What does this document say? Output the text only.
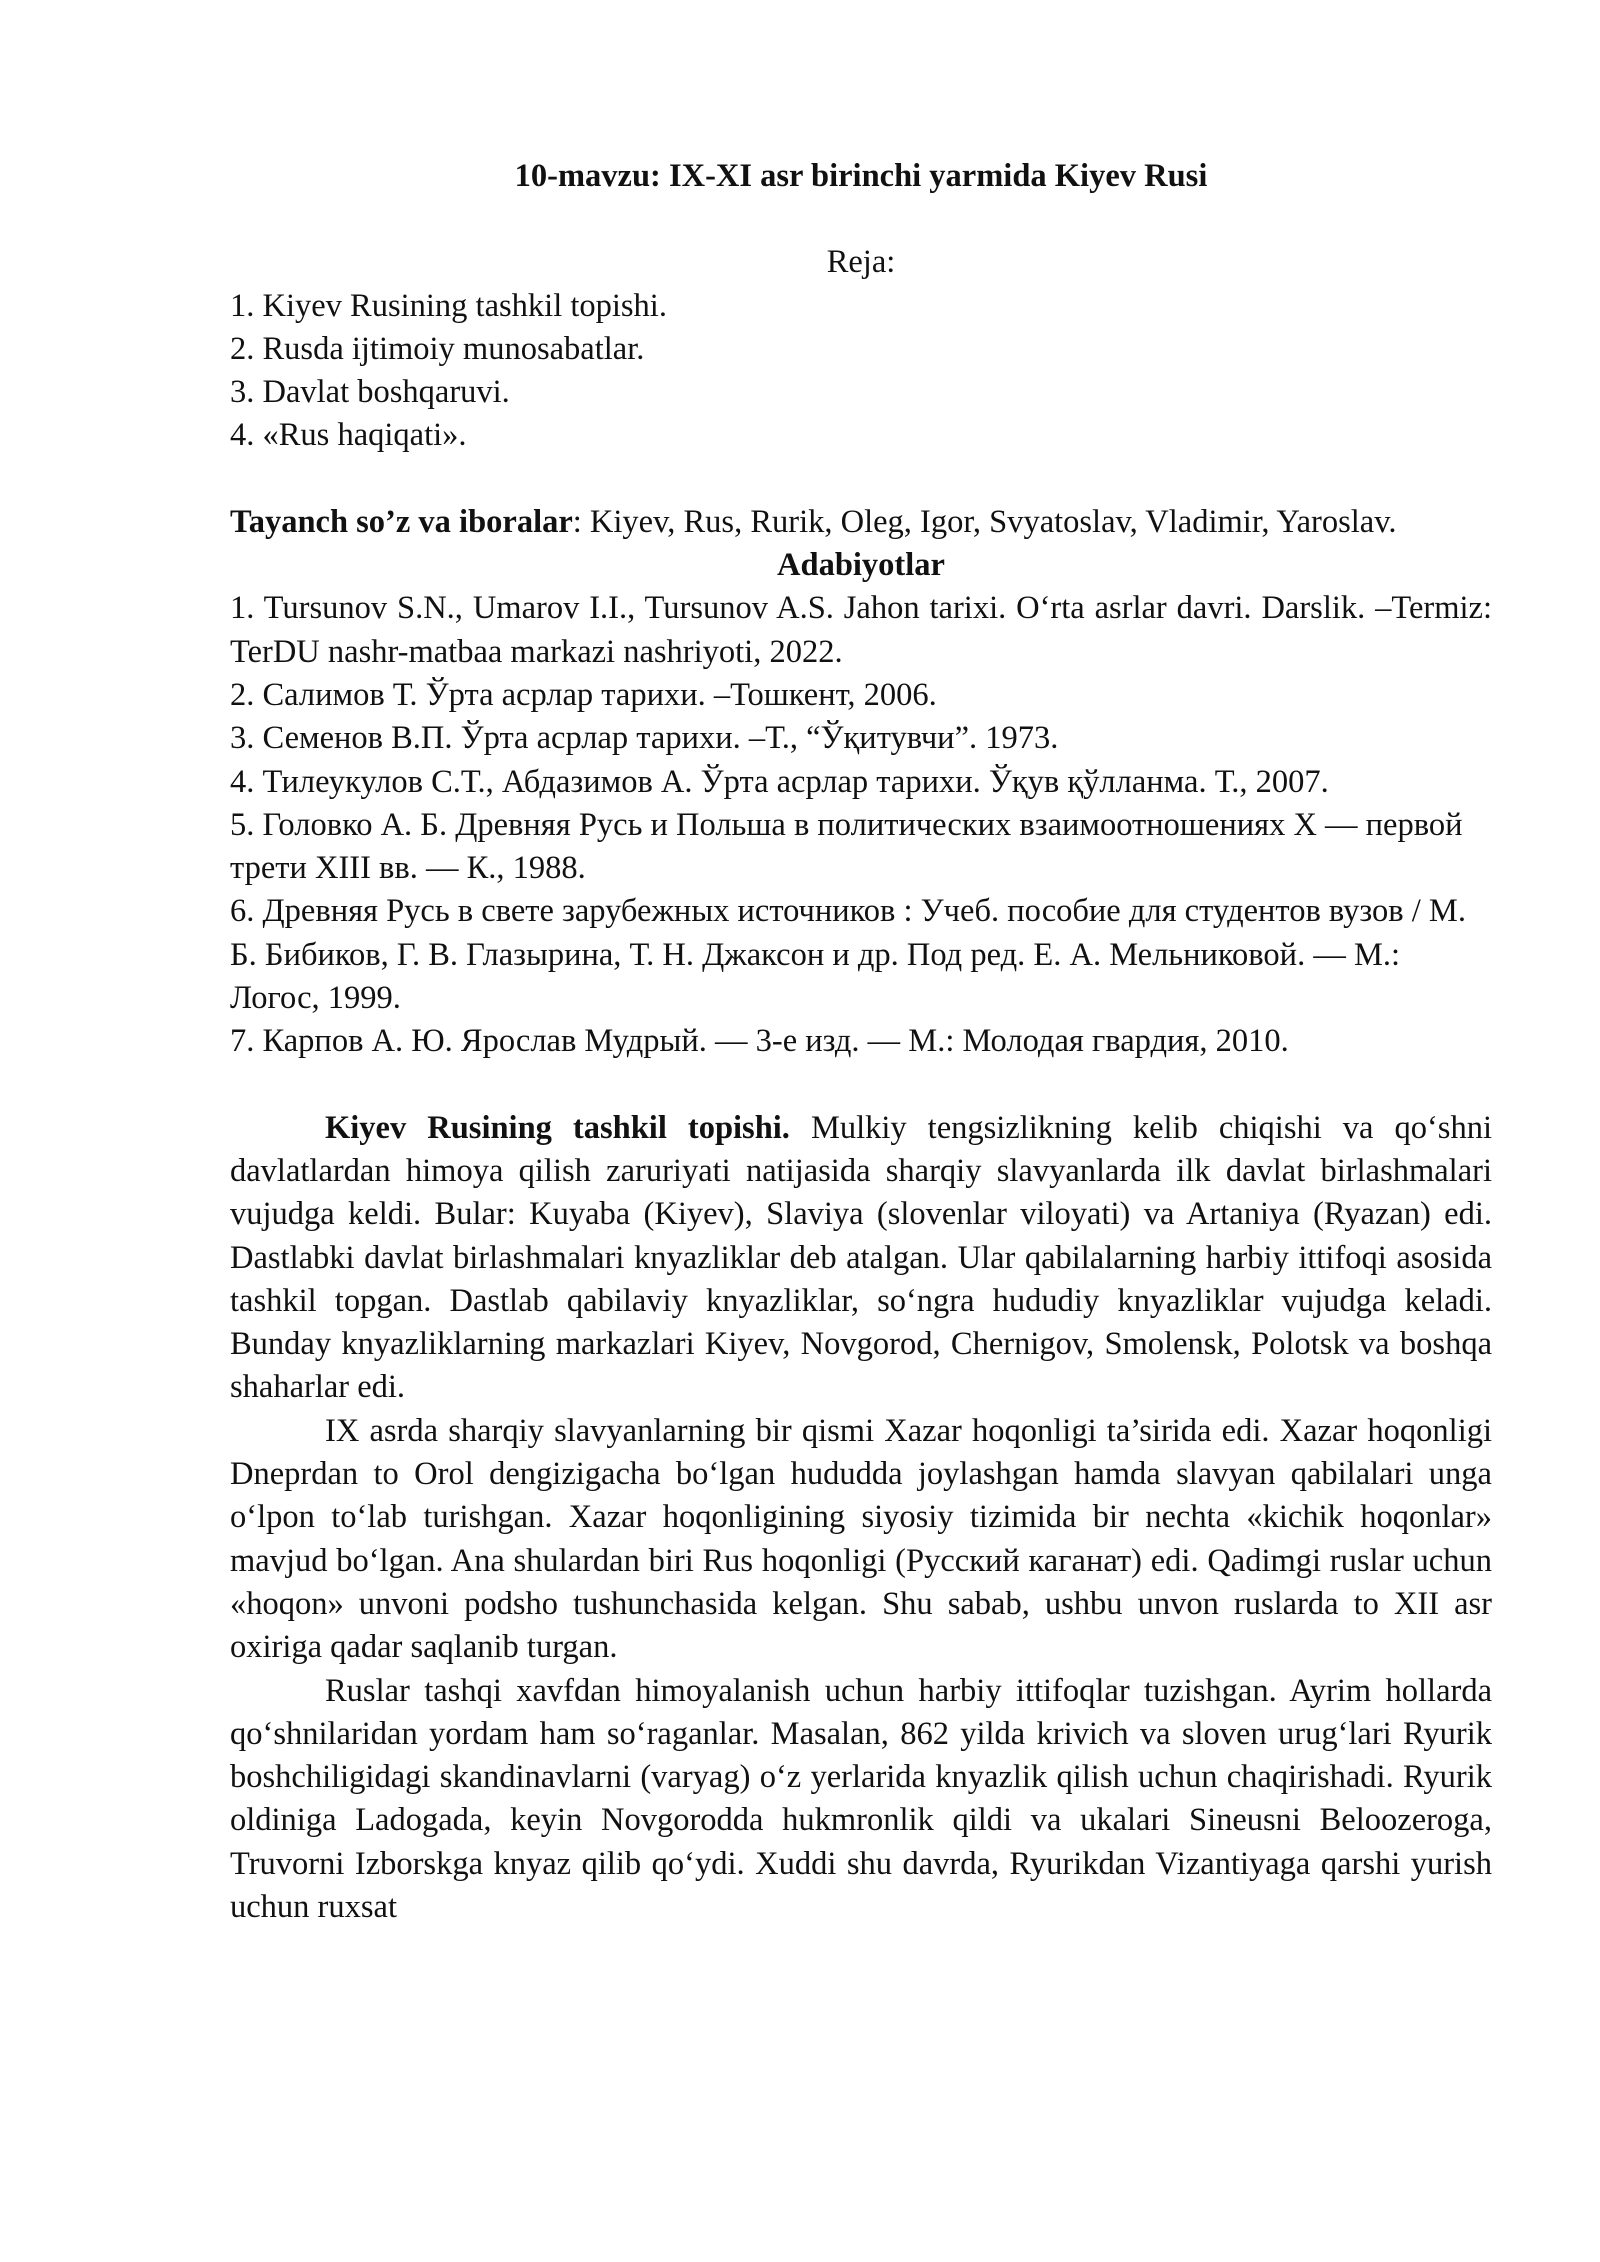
10-mavzu: IX-XI asr birinchi yarmida Kiyev Rusi
Reja:
1. Kiyev Rusining tashkil topishi.
2. Rusda ijtimoiy munosabatlar.
3. Davlat boshqaruvi.
4. «Rus haqiqati».

Tayanch so’z va iboralar: Kiyev, Rus, Rurik, Oleg, Igor, Svyatoslav, Vladimir, Yaroslav.

Adabiyotlar

1. Tursunov S.N., Umarov I.I., Tursunov A.S. Jahon tarixi. O‘rta asrlar davri. Darslik. –Termiz: TerDU nashr-matbaa markazi nashriyoti, 2022.

2. Салимов Т. Ўрта асрлар тарихи. –Тошкент, 2006.

3. Семенов В.П. Ўрта асрлар тарихи. –Т., “Ўқитувчи”. 1973.

4. Тилеукулов С.Т., Абдазимов А. Ўрта асрлар тарихи. Ўқув қўлланма. Т., 2007.

5. Головко А. Б. Древняя Русь и Польша в политических взаимоотношениях X — первой трети XIII вв. — К., 1988.

6. Древняя Русь в свете зарубежных источников : Учеб. пособие для студентов вузов / М. Б. Бибиков, Г. В. Глазырина, Т. Н. Джаксон и др. Под ред. Е. А. Мельниковой. — М.: Логос, 1999.

7. Карпов А. Ю. Ярослав Мудрый. — 3-е изд. — М.: Молодая гвардия, 2010.

Kiyev Rusining tashkil topishi. Mulkiy tengsizlikning kelib chiqishi va qo‘shni davlatlardan himoya qilish zaruriyati natijasida sharqiy slavyanlarda ilk davlat birlashmalari vujudga keldi. Bular: Kuyaba (Kiyev), Slaviya (slovenlar viloyati) va Artaniya (Ryazan) edi. Dastlabki davlat birlashmalari knyazliklar deb atalgan. Ular qabilalarning harbiy ittifoqi asosida tashkil topgan. Dastlab qabilaviy knyazliklar, so‘ngra hududiy knyazliklar vujudga keladi. Bunday knyazliklarning markazlari Kiyev, Novgorod, Chernigov, Smolensk, Polotsk va boshqa shaharlar edi.

IX asrda sharqiy slavyanlarning bir qismi Xazar hoqonligi ta’sirida edi. Xazar hoqonligi Dneprdan to Orol dengizigacha bo‘lgan hududda joylashgan hamda slavyan qabilalari unga o‘lpon to‘lab turishgan. Xazar hoqonligining siyosiy tizimida bir nechta «kichik hoqonlar» mavjud bo‘lgan. Ana shulardan biri Rus hoqonligi (Русский каганат) edi. Qadimgi ruslar uchun «hoqon» unvoni podsho tushunchasida kelgan. Shu sabab, ushbu unvon ruslarda to XII asr oxiriga qadar saqlanib turgan.

Ruslar tashqi xavfdan himoyalanish uchun harbiy ittifoqlar tuzishgan. Ayrim hollarda qo‘shnilaridan yordam ham so‘raganlar. Masalan, 862 yilda krivich va sloven urug‘lari Ryurik boshchiligidagi skandinavlarni (varyag) o‘z yerlarida knyazlik qilish uchun chaqirishadi. Ryurik oldiniga Ladogada, keyin Novgorodda hukmronlik qildi va ukalari Sineusni Beloozeroga, Truvorni Izborskga knyaz qilib qo‘ydi. Xuddi shu davrda, Ryurikdan Vizantiyaga qarshi yurish uchun ruxsat
